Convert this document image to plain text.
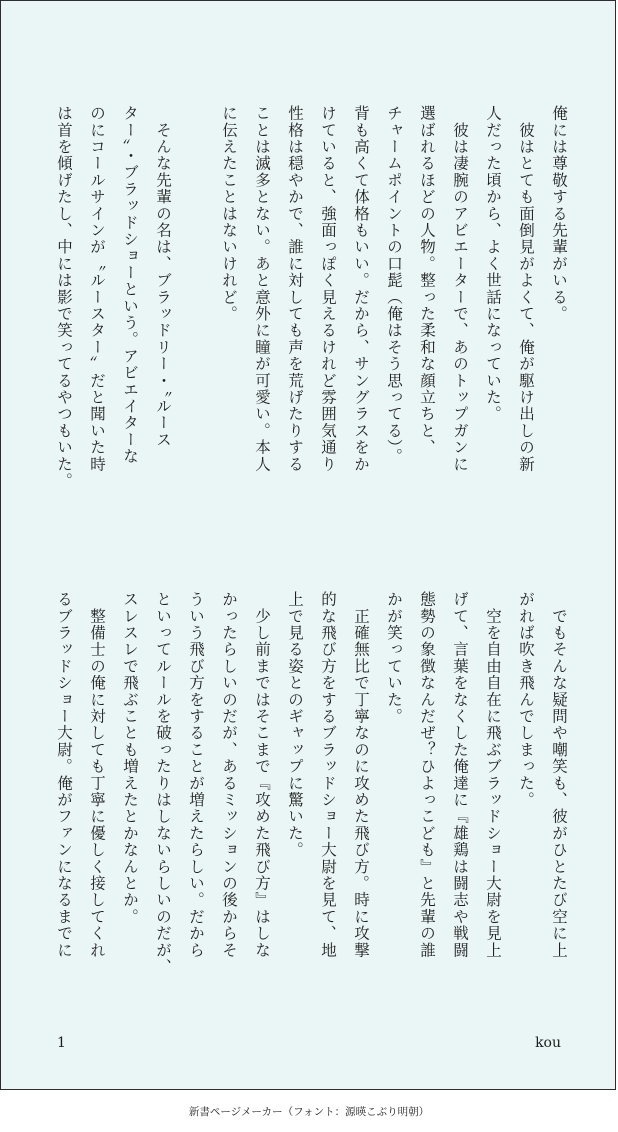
俺には尊敬する先輩がいる。
　彼はとても面倒見がよくて、俺が駆け出しの新
人だった頃から、よく世話になっていた。
　彼は凄腕のアビエーターで、あのトップガンに
選ばれるほどの人物。整った柔和な顔立ちと、
チャームポイントの口髭（俺はそう思ってる）。
背も高くて体格もいい。だから、サングラスをか
けていると、強面っぽく見えるけれど雰囲気通り
性格は穏やかで、誰に対しても声を荒げたりする
ことは滅多とない。あと意外に瞳が可愛い。本人
に伝えたことはないけれど。

　そんな先輩の名は、ブラッドリー・〝ルース
ター〟・ブラッドショーという。アビエイターな
のにコールサインが〝ルースター〟だと聞いた時
は首を傾げたし、中には影で笑ってるやつもいた。
　でもそんな疑問や嘲笑も、彼がひとたび空に上
がれば吹き飛んでしまった。
　空を自由自在に飛ぶブラッドショー大尉を見上
げて、言葉をなくした俺達に『雄鶏は闘志や戦闘
態勢の象徴なんだぜ？ひよっこども』と先輩の誰
かが笑っていた。
　正確無比で丁寧なのに攻めた飛び方。時に攻撃
的な飛び方をするブラッドショー大尉を見て、地
上で見る姿とのギャップに驚いた。
　少し前まではそこまで『攻めた飛び方』はしな
かったらしいのだが、あるミッションの後からそ
ういう飛び方をすることが増えたらしい。だから
といってルールを破ったりはしないらしいのだが、
スレスレで飛ぶことも増えたとかなんとか。
　整備士の俺に対しても丁寧に優しく接してくれ
るブラッドショー大尉。俺がファンになるまでに
1	kou
新書ページメーカー（フォント：源暎こぶり明朝）
